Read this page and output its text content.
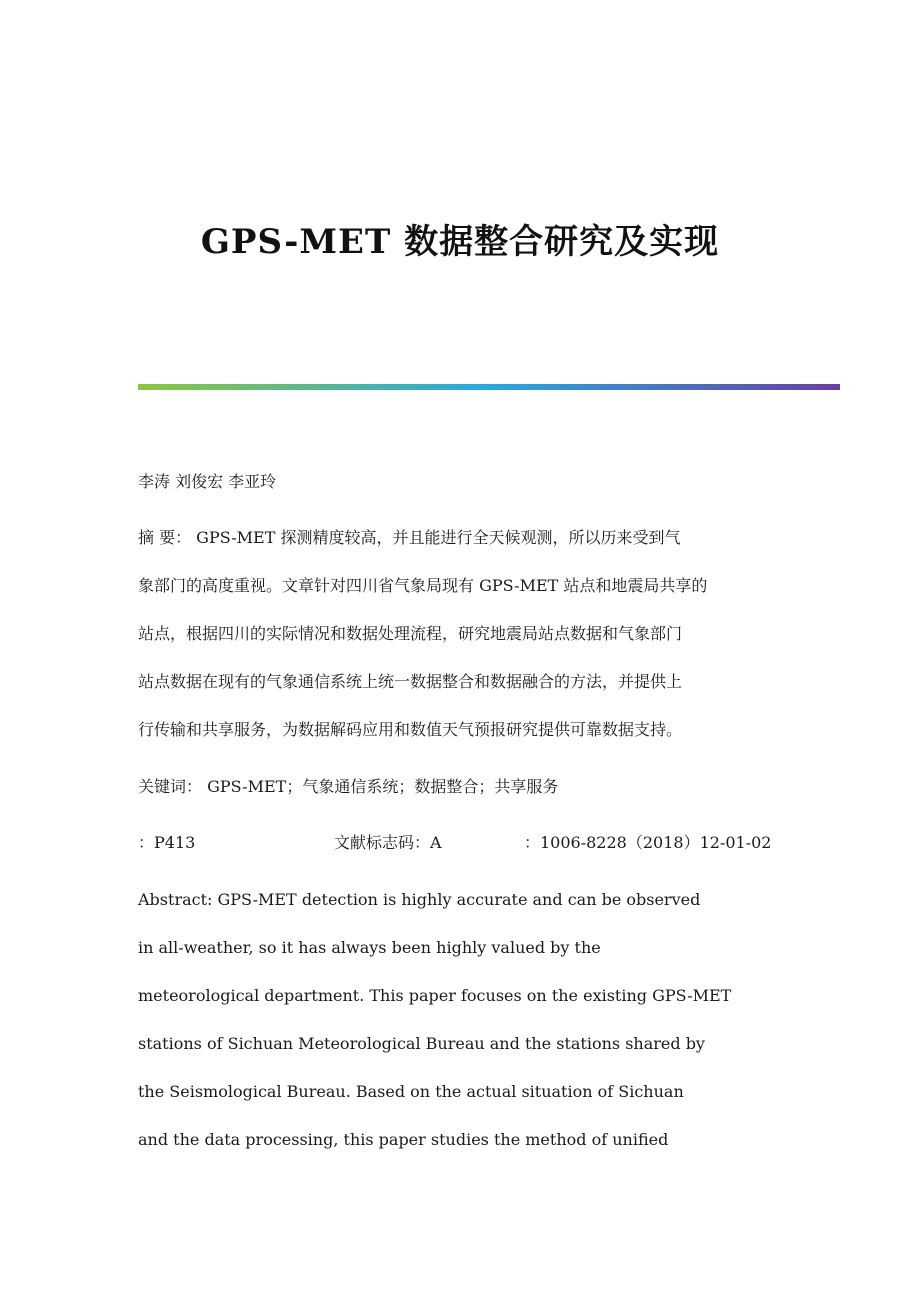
GPS-MET 数据整合研究及实现
李涛 刘俊宏 李亚玲
摘 要： GPS-MET 探测精度较高，并且能进行全天候观测，所以历来受到气
象部门的高度重视。文章针对四川省气象局现有 GPS-MET 站点和地震局共享的
站点，根据四川的实际情况和数据处理流程，研究地震局站点数据和气象部门
站点数据在现有的气象通信系统上统一数据整合和数据融合的方法，并提供上
行传输和共享服务，为数据解码应用和数值天气预报研究提供可靠数据支持。
关键词： GPS-MET；气象通信系统；数据整合；共享服务
：P413	文献标志码：A	：1006-8228（2018）12-01-02
Abstract: GPS-MET detection is highly accurate and can be observed
in all-weather, so it has always been highly valued by the
meteorological department. This paper focuses on the existing GPS-MET
stations of Sichuan Meteorological Bureau and the stations shared by
the Seismological Bureau. Based on the actual situation of Sichuan
and the data processing, this paper studies the method of unified
